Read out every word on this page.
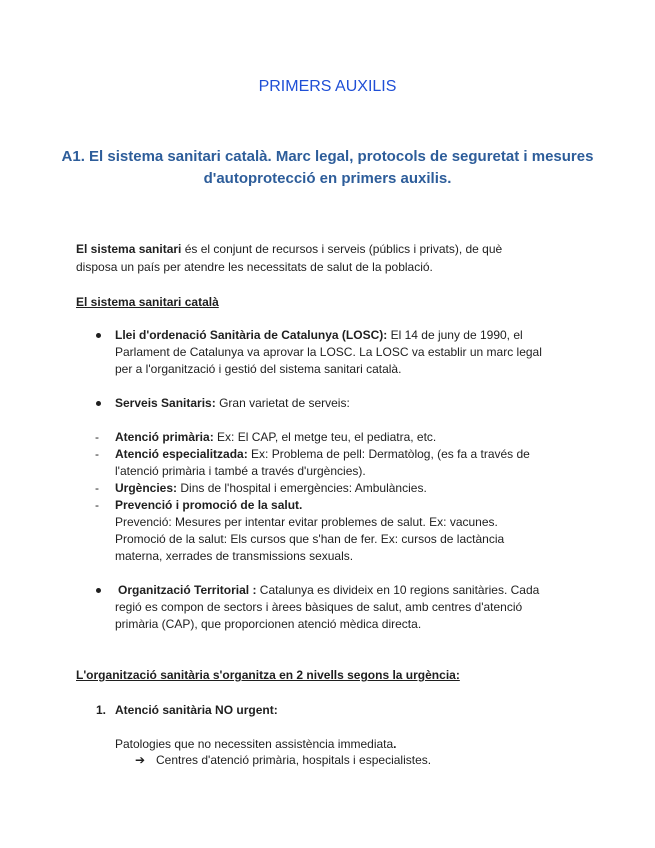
PRIMERS AUXILIS
A1. El sistema sanitari català. Marc legal, protocols de seguretat i mesures d'autoprotecció en primers auxilis.
El sistema sanitari és el conjunt de recursos i serveis (públics i privats), de què
disposa un país per atendre les necessitats de salut de la població.
El sistema sanitari català
Llei d'ordenació Sanitària de Catalunya (LOSC): El 14 de juny de 1990, el
Parlament de Catalunya va aprovar la LOSC. La LOSC va establir un marc legal
per a l'organització i gestió del sistema sanitari català.
Serveis Sanitaris: Gran varietat de serveis:
- Atenció primària: Ex: El CAP, el metge teu, el pediatra, etc.
- Atenció especialitzada: Ex: Problema de pell: Dermatòlog, (es fa a través de
l'atenció primària i també a través d'urgències).
- Urgències: Dins de l'hospital i emergències: Ambulàncies.
- Prevenció i promoció de la salut.
Prevenció: Mesures per intentar evitar problemes de salut. Ex: vacunes.
Promoció de la salut: Els cursos que s'han de fer. Ex: cursos de lactància
materna, xerrades de transmissions sexuals.
Organització Territorial : Catalunya es divideix en 10 regions sanitàries. Cada
regió es compon de sectors i àrees bàsiques de salut, amb centres d'atenció
primària (CAP), que proporcionen atenció mèdica directa.
L'organització sanitària s'organitza en 2 nivells segons la urgència:
1. Atenció sanitària NO urgent:
Patologies que no necessiten assistència immediata.
➔ Centres d'atenció primària, hospitals i especialistes.
